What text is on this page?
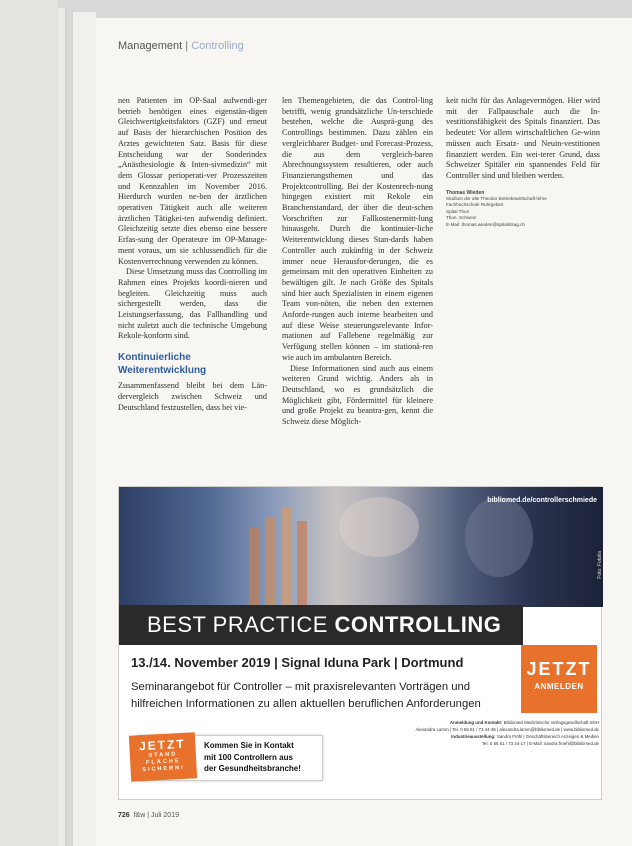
Management | Controlling

nen Patienten im OP-Saal aufwendi-ger betrieb benötigen eines eigenstän-digen Gleichwertigkeitsfaktors (GZF) und erneut auf Basis der hierarchischen Position des Arztes gewichteten Satz. Basis für diese Entscheidung war der Sonderindex „Anästhesiologie & Inten-sivmedizin“ mit dem Glossar perioperati-ver Prozesszeiten und Kennzahlen im November 2016. Hierdurch wurden ne-ben der ärztlichen operativen Tätigkeit auch alle weiteren ärztlichen Tätigkei-ten aufwendig definiert. Gleichzeitig setzte dies ebenso eine bessere Erfas-sung der Operateure im OP-Manage-ment voraus, um sie schlussendlich für die Kostenverrechnung verwenden zu können.

Diese Umsetzung muss das Controlling im Rahmen eines Projekts koordi-nieren und begleiten. Gleichzeitig muss auch sichergestellt werden, dass die Leistungserfassung, das Fallhandling und nicht zuletzt auch die technische Umgebung Rekole-konform sind.

Kontinuierliche Weiterentwicklung

Zusammenfassend bleibt bei dem Län-dervergleich zwischen Schweiz und Deutschland festzustellen, dass bei vie-

len Themengebieten, die das Control-ling betrifft, wenig grundsätzliche Un-terschiede bestehen, welche die Ausprä-gung des Controllings bestimmen. Dazu zählen ein vergleichbarer Budget- und Forecast-Prozess, die aus dem vergleich-baren Abrechnungssystem resultieren, oder auch Finanzierungsthemen und das Projektcontrolling. Bei der Kostenrech-nung hingegen existiert mit Rekole ein Branchenstandard, der über die deut-schen Vorschriften zur Fallkostenermitt-lung hinausgeht. Durch die kontinuier-liche Weiterentwicklung dieses Stan-dards haben Controller auch zukünftig in der Schweiz immer neue Herausfor-derungen, die es gemeinsam mit den operativen Einheiten zu bewältigen gilt. Je nach Größe des Spitals sind hier auch Spezialisten in einem eigenen Team von-nöten, die neben den externen Anforde-rungen auch interne bearbeiten und auf diese Weise steuerungsrelevante Infor-mationen auf Fallebene regelmäßig zur Verfügung stellen können – im stationä-ren wie auch im ambulanten Bereich.

Diese Informationen sind auch aus einem weiteren Grund wichtig. Anders als in Deutschland, wo es grundsätzlich die Möglichkeit gibt, Fördermittel für kleinere und große Projekt zu beantra-gen, kennt die Schweiz diese Möglich-

keit nicht für das Anlagevermögen. Hier wird mit der Fallpauschale auch die In-vestitionsfähigkeit des Spitals finanziert. Das bedeutet: Vor allem wirtschaftlichen Ge-winn müssen auch Ersatz- und Neuin-vestitionen finanziert werden. Ein wei-terer Grund, dass Schweizer Spitäler ein spannendes Feld für Controller sind und bleiben werden.

Thomas Wieden
Studium der alle Theodor Betriebswirtschaft-lehre
Fachhochschule Ruhrgebiet
Spital Thun
Thun, Schweiz
E-Mail: thomas.wieden@spitalstsag.ch
bibliomed.de/controllerschmiede
Foto: Fotolia
BEST PRACTICE CONTROLLING
13./14. November 2019 | Signal Iduna Park | Dortmund
Seminarangebot für Controller – mit praxisrelevanten Vorträgen und
hilfreichen Informationen zu allen aktuellen beruflichen Anforderungen
JETZT
ANMELDEN
Anmeldung und Kontakt: Bibliomed Medizinische Verlagsgesellschaft mbH
Alexandra Lamm | Tel. 0 56 61 / 73 44-36 | alexandra.lamm@bibliomed.de | www.bibliomed.de
Industrieausstellung: Sandra Fröhl | Geschäftsbereich Anzeigen & Medien
Tel. 0 56 61 / 73 44-17 | E-Mail: sandra.froehl@bibliomed.de
JETZT
STAND
FLÄCHE
SICHERN!
Kommen Sie in Kontakt
mit 100 Controllern aus
der Gesundheitsbranche!
726 f&w | Juli 2019
